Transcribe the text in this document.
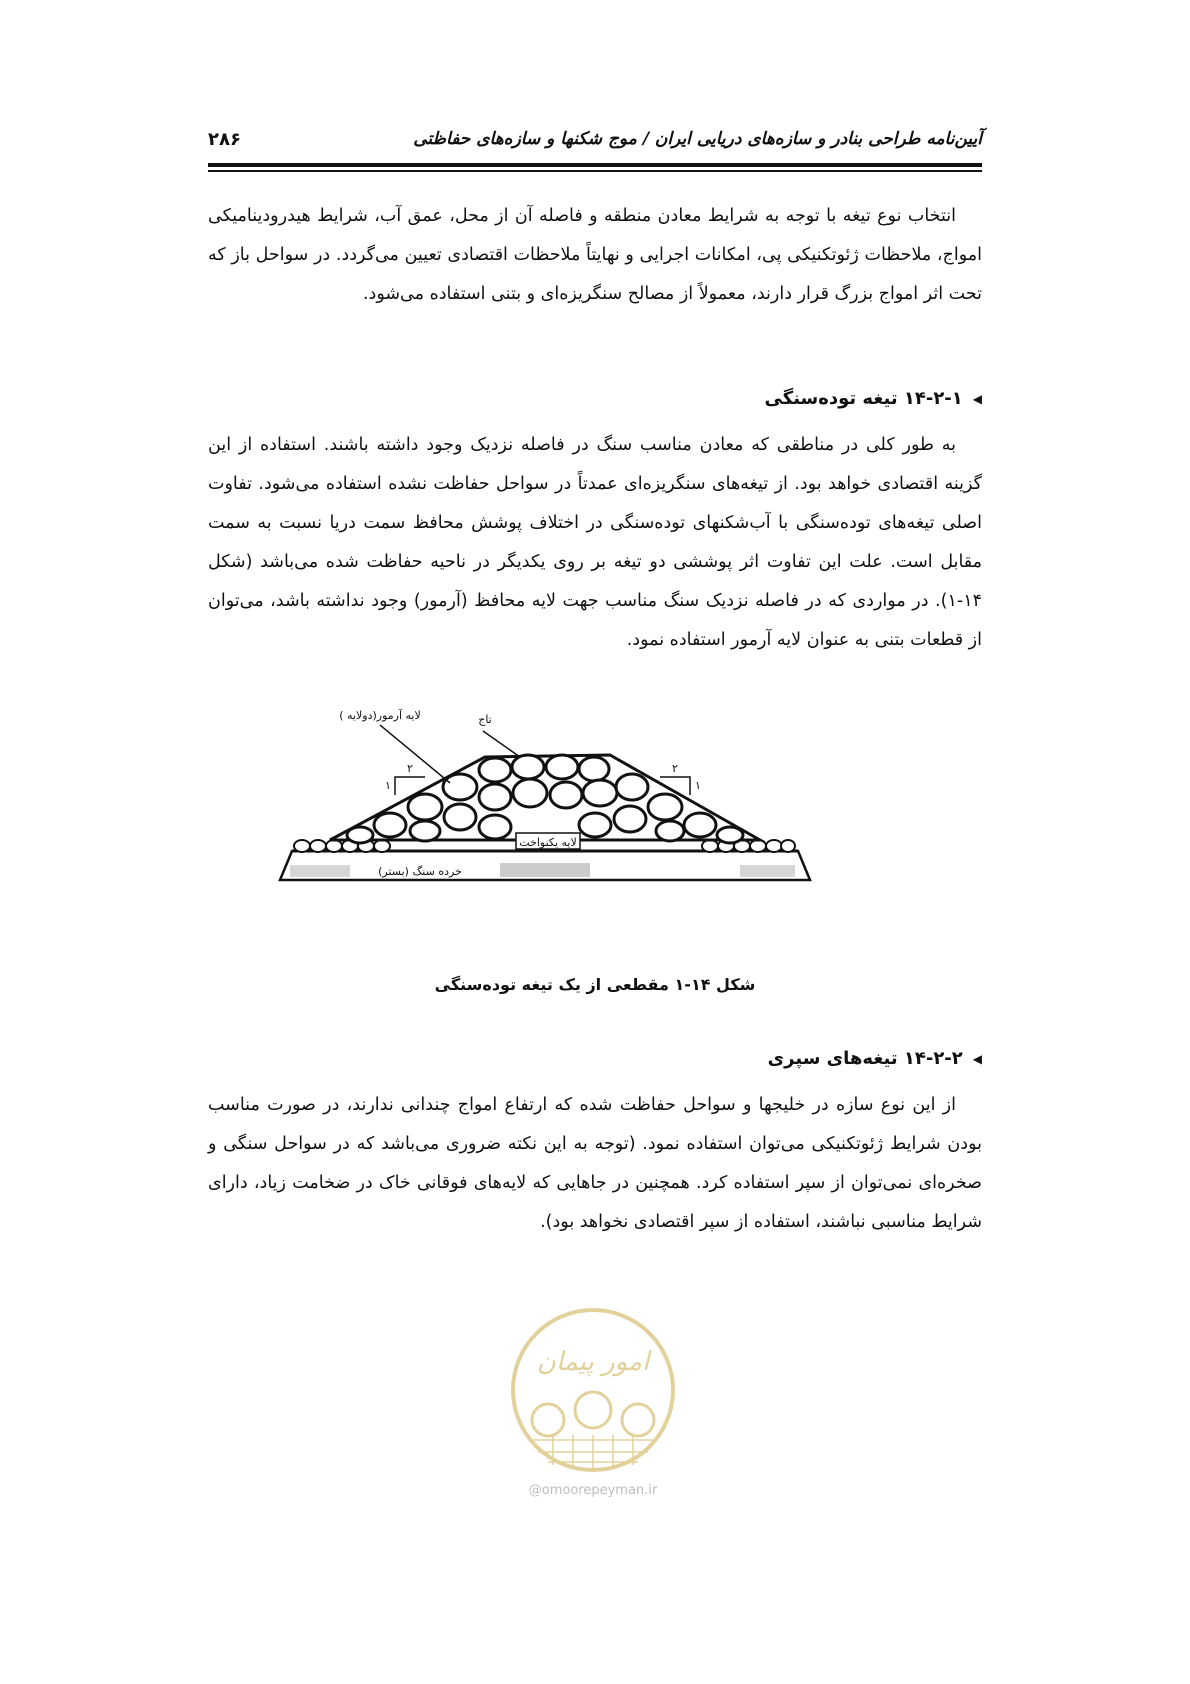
آیین‌نامه طراحی بنادر و سازه‌های دریایی ایران / موج شکنها و سازه‌های حفاظتی
۲۸۶

انتخاب نوع تیغه با توجه به شرایط معادن منطقه و فاصله آن از محل، عمق آب، شرایط هیدرودینامیکی امواج، ملاحظات ژئوتکنیکی پی، امکانات اجرایی و نهایتاً ملاحظات اقتصادی تعیین می‌گردد. در سواحل باز که تحت اثر امواج بزرگ قرار دارند، معمولاً از مصالح سنگریزه‌ای و بتنی استفاده می‌شود.

◀۱۴-۲-۱ تیغه توده‌سنگی

به طور کلی در مناطقی که معادن مناسب سنگ در فاصله نزدیک وجود داشته باشند. استفاده از این گزینه اقتصادی خواهد بود. از تیغه‌های سنگریزه‌ای عمدتاً در سواحل حفاظت نشده استفاده می‌شود. تفاوت اصلی تیغه‌های توده‌سنگی با آب‌شکنهای توده‌سنگی در اختلاف پوشش محافظ سمت دریا نسبت به سمت مقابل است. علت این تفاوت اثر پوششی دو تیغه بر روی یکدیگر در ناحیه حفاظت شده می‌باشد (شکل ۱۴-۱). در مواردی که در فاصله نزدیک سنگ مناسب جهت لایه محافظ (آرمور) وجود نداشته باشد، می‌توان از قطعات بتنی به عنوان لایه آرمور استفاده نمود.

تاج
لایه آرمور(دولایه )
لایه یکنواخت
خرده سنگ (بستر)
۲
۱
۲
۱
شکل ۱۴-۱ مقطعی از یک تیغه توده‌سنگی
◀۱۴-۲-۲ تیغه‌های سپری

از این نوع سازه در خلیجها و سواحل حفاظت شده که ارتفاع امواج چندانی ندارند، در صورت مناسب بودن شرایط ژئوتکنیکی می‌توان استفاده نمود. (توجه به این نکته ضروری می‌باشد که در سواحل سنگی و صخره‌ای نمی‌توان از سپر استفاده کرد. همچنین در جاهایی که لایه‌های فوقانی خاک در ضخامت زیاد، دارای شرایط مناسبی نباشند، استفاده از سپر اقتصادی نخواهد بود).

امور پیمان
@omoorepeyman.ir
